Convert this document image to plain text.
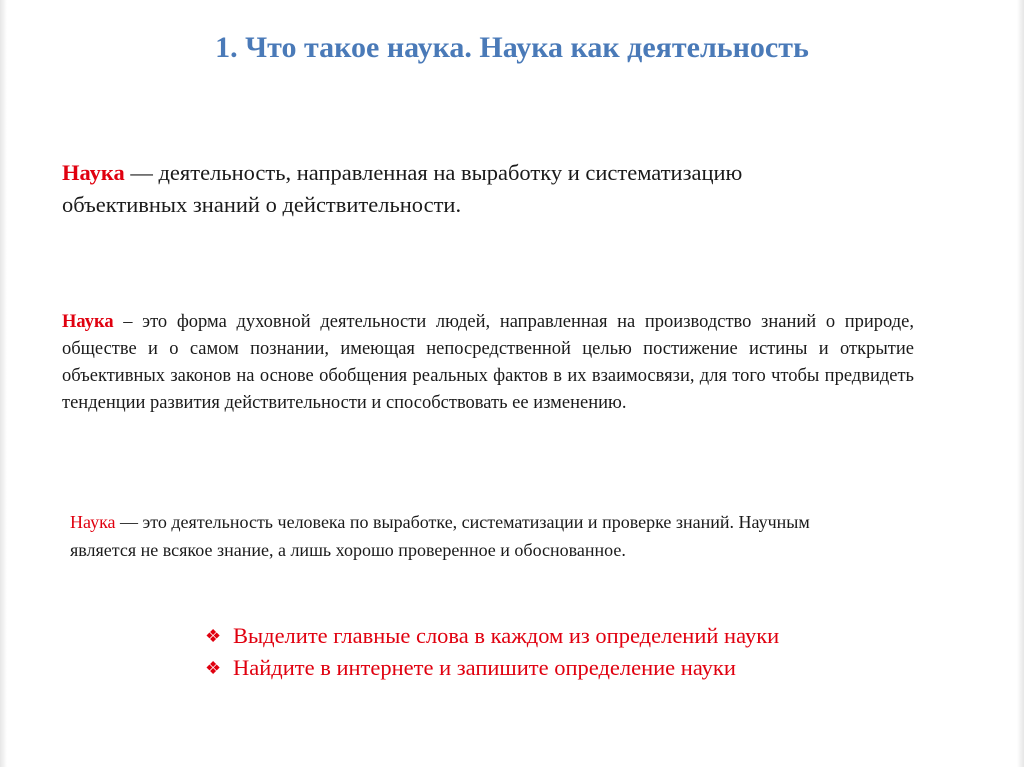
1. Что такое наука. Наука как деятельность

Наука — деятельность, направленная на выработку и систематизацию объективных знаний о действительности.

Наука – это форма духовной деятельности людей, направленная на производство знаний о природе, обществе и о самом познании, имеющая непосредственной целью постижение истины и открытие объективных законов на основе обобщения реальных фактов в их взаимосвязи, для того чтобы предвидеть тенденции развития действительности и способствовать ее изменению.

Наука — это деятельность человека по выработке, систематизации и проверке знаний. Научным является не всякое знание, а лишь хорошо проверенное и обоснованное.

❖ Выделите главные слова в каждом из определений науки
❖ Найдите в интернете и запишите определение науки
